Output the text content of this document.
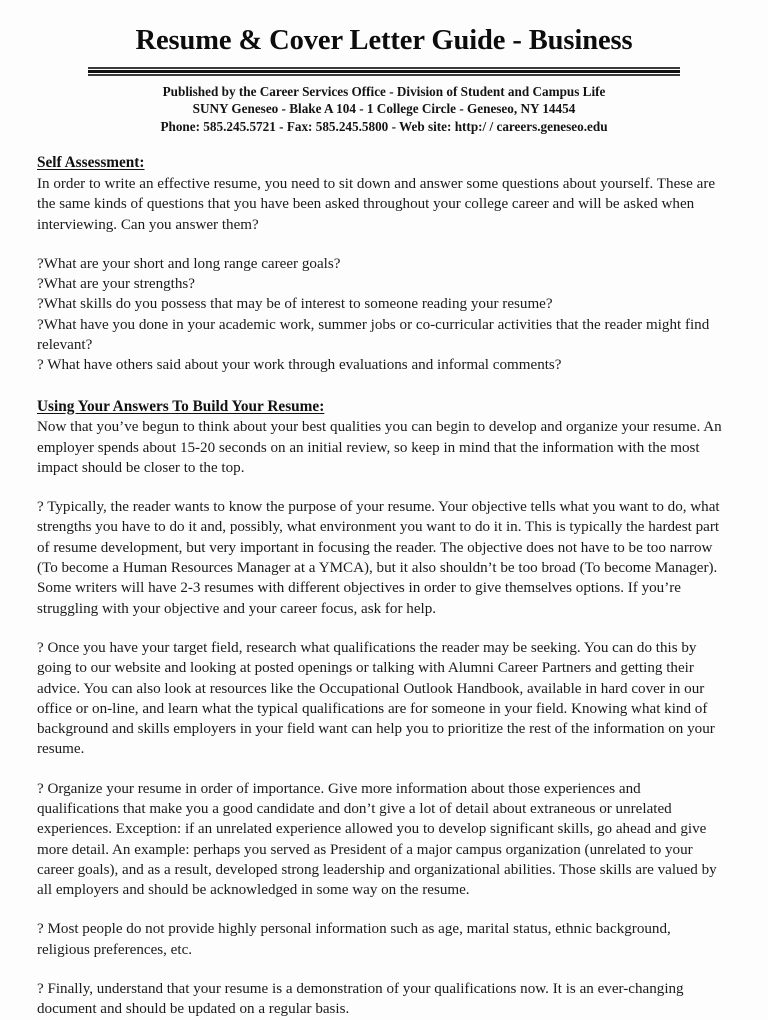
Resume & Cover Letter Guide - Business
Published by the Career Services Office - Division of Student and Campus Life
SUNY Geneseo - Blake A 104 - 1 College Circle - Geneseo, NY 14454
Phone: 585.245.5721 - Fax: 585.245.5800 - Web site: http:/ / careers.geneseo.edu
Self Assessment:

In order to write an effective resume, you need to sit down and answer some questions about yourself. These are the same kinds of questions that you have been asked throughout your college career and will be asked when interviewing. Can you answer them?

?What are your short and long range career goals?
?What are your strengths?
?What skills do you possess that may be of interest to someone reading your resume?
?What have you done in your academic work, summer jobs or co-curricular activities that the reader might find relevant?
? What have others said about your work through evaluations and informal comments?
Using Your Answers To Build Your Resume:

Now that you’ve begun to think about your best qualities you can begin to develop and organize your resume. An employer spends about 15-20 seconds on an initial review, so keep in mind that the information with the most impact should be closer to the top.

? Typically, the reader wants to know the purpose of your resume. Your objective tells what you want to do, what strengths you have to do it and, possibly, what environment you want to do it in. This is typically the hardest part of resume development, but very important in focusing the reader. The objective does not have to be too narrow (To become a Human Resources Manager at a YMCA), but it also shouldn’t be too broad (To become Manager). Some writers will have 2-3 resumes with different objectives in order to give themselves options. If you’re struggling with your objective and your career focus, ask for help.

? Once you have your target field, research what qualifications the reader may be seeking. You can do this by going to our website and looking at posted openings or talking with Alumni Career Partners and getting their advice. You can also look at resources like the Occupational Outlook Handbook, available in hard cover in our office or on-line, and learn what the typical qualifications are for someone in your field. Knowing what kind of background and skills employers in your field want can help you to prioritize the rest of the information on your resume.

? Organize your resume in order of importance. Give more information about those experiences and qualifications that make you a good candidate and don’t give a lot of detail about extraneous or unrelated experiences. Exception: if an unrelated experience allowed you to develop significant skills, go ahead and give more detail. An example: perhaps you served as President of a major campus organization (unrelated to your career goals), and as a result, developed strong leadership and organizational abilities. Those skills are valued by all employers and should be acknowledged in some way on the resume.

? Most people do not provide highly personal information such as age, marital status, ethnic background, religious preferences, etc.

? Finally, understand that your resume is a demonstration of your qualifications now. It is an ever-changing document and should be updated on a regular basis.
